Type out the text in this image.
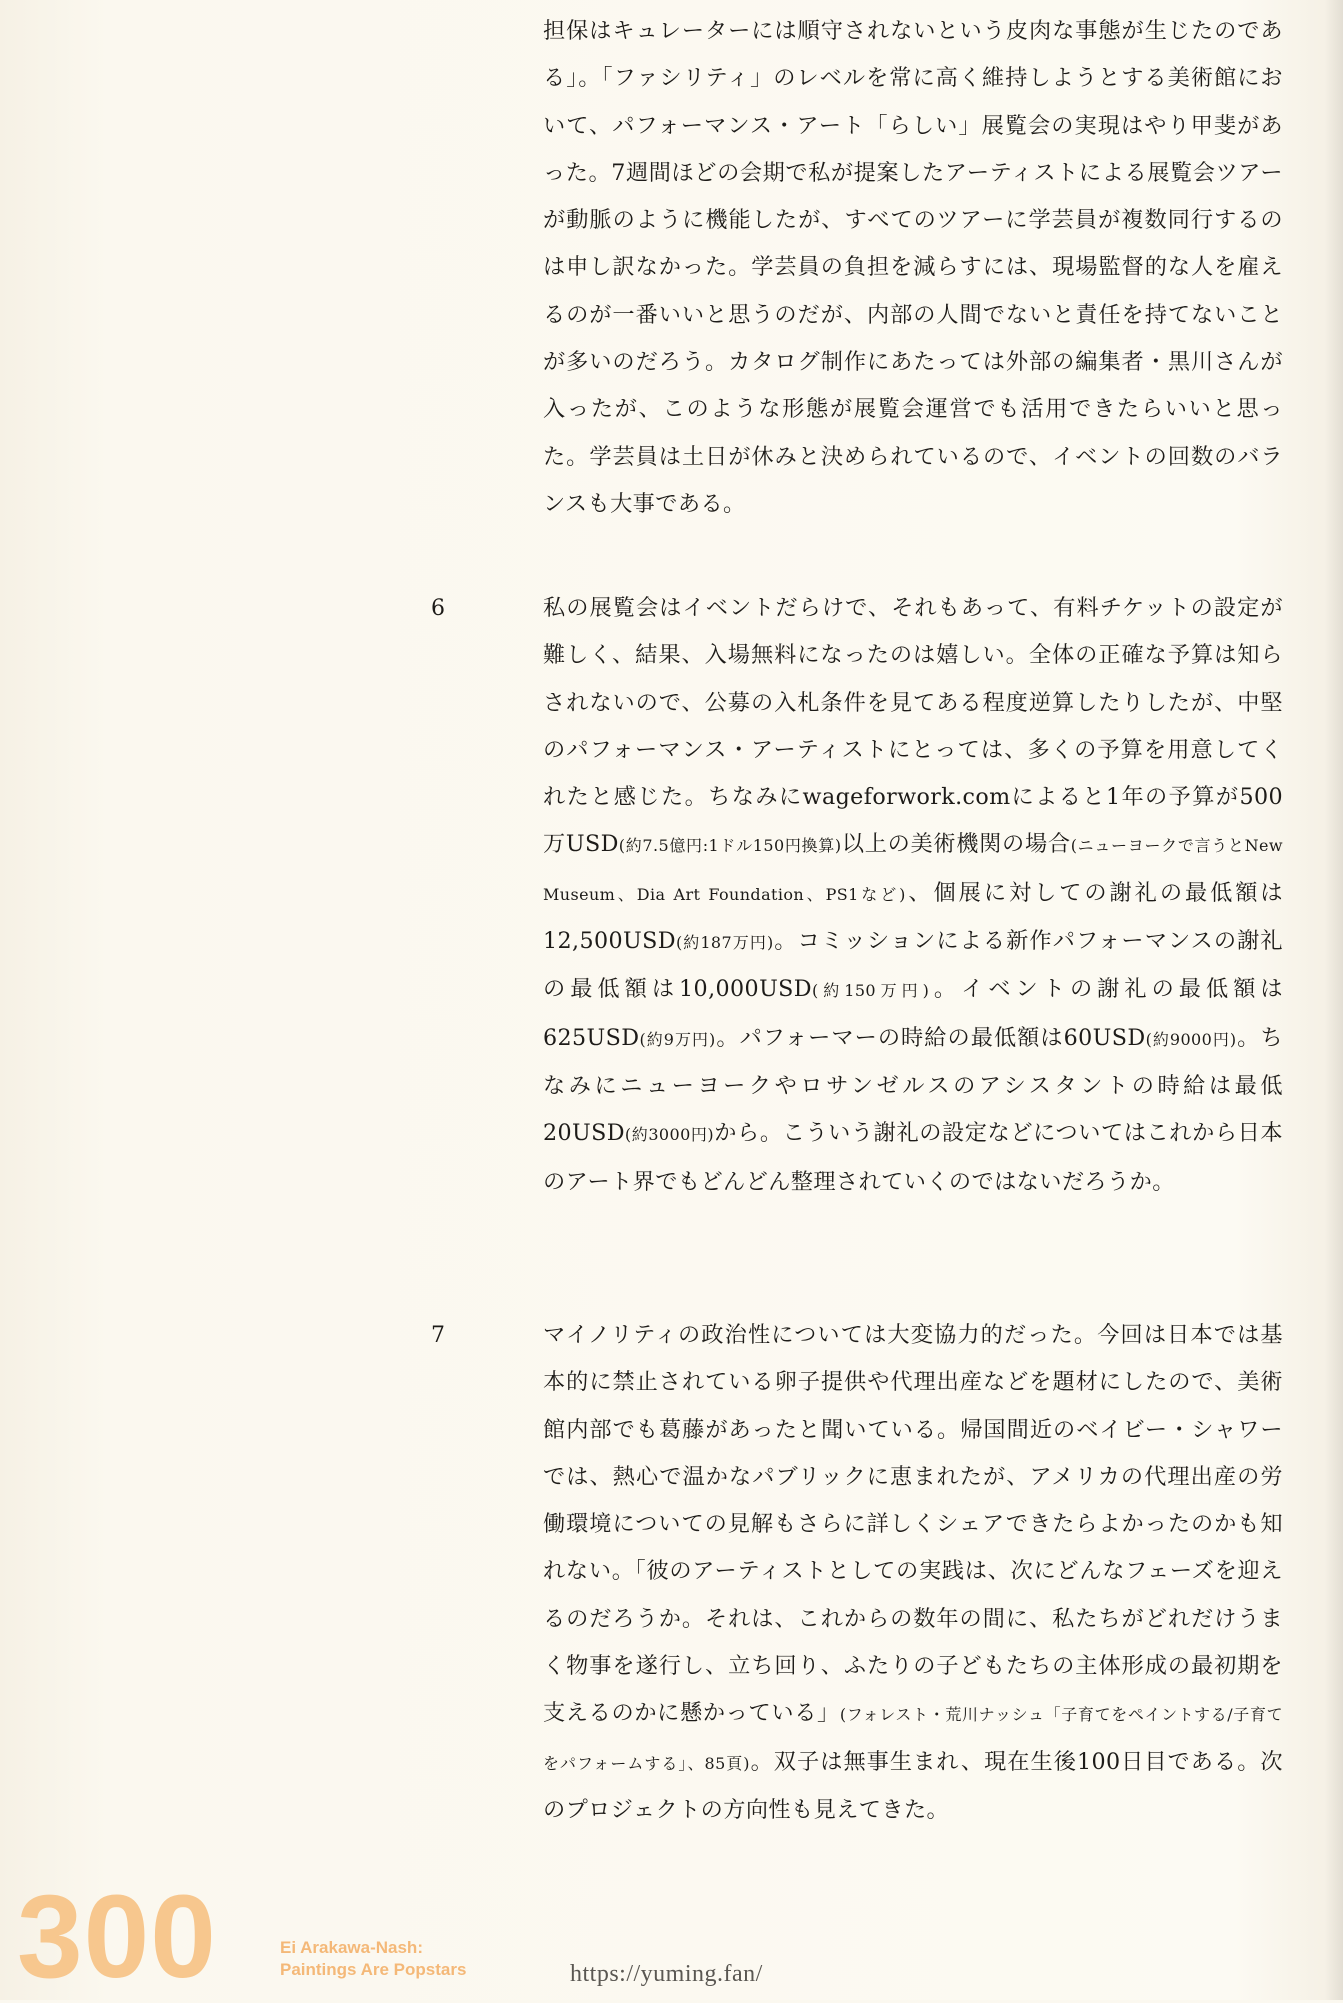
担保はキュレーターには順守されないという皮肉な事態が生じたのである」。「ファシリティ」のレベルを常に高く維持しようとする美術館において、パフォーマンス・アート「らしい」展覧会の実現はやり甲斐があった。7週間ほどの会期で私が提案したアーティストによる展覧会ツアーが動脈のように機能したが、すべてのツアーに学芸員が複数同行するのは申し訳なかった。学芸員の負担を減らすには、現場監督的な人を雇えるのが一番いいと思うのだが、内部の人間でないと責任を持てないことが多いのだろう。カタログ制作にあたっては外部の編集者・黒川さんが入ったが、このような形態が展覧会運営でも活用できたらいいと思った。学芸員は土日が休みと決められているので、イベントの回数のバランスも大事である。

6	私の展覧会はイベントだらけで、それもあって、有料チケットの設定が難しく、結果、入場無料になったのは嬉しい。全体の正確な予算は知らされないので、公募の入札条件を見てある程度逆算したりしたが、中堅のパフォーマンス・アーティストにとっては、多くの予算を用意してくれたと感じた。ちなみにwageforwork.comによると1年の予算が500万USD(約7.5億円:1ドル150円換算)以上の美術機関の場合(ニューヨークで言うとNew Museum、Dia Art Foundation、PS1など)、個展に対しての謝礼の最低額は12,500USD(約187万円)。コミッションによる新作パフォーマンスの謝礼の最低額は10,000USD(約150万円)。イベントの謝礼の最低額は625USD(約9万円)。パフォーマーの時給の最低額は60USD(約9000円)。ちなみにニューヨークやロサンゼルスのアシスタントの時給は最低20USD(約3000円)から。こういう謝礼の設定などについてはこれから日本のアート界でもどんどん整理されていくのではないだろうか。

7	マイノリティの政治性については大変協力的だった。今回は日本では基本的に禁止されている卵子提供や代理出産などを題材にしたので、美術館内部でも葛藤があったと聞いている。帰国間近のベイビー・シャワーでは、熱心で温かなパブリックに恵まれたが、アメリカの代理出産の労働環境についての見解もさらに詳しくシェアできたらよかったのかも知れない。「彼のアーティストとしての実践は、次にどんなフェーズを迎えるのだろうか。それは、これからの数年の間に、私たちがどれだけうまく物事を遂行し、立ち回り、ふたりの子どもたちの主体形成の最初期を支えるのかに懸かっている」(フォレスト・荒川ナッシュ「子育てをペイントする/子育てをパフォームする」、85頁)。双子は無事生まれ、現在生後100日目である。次のプロジェクトの方向性も見えてきた。

300	Ei Arakawa-Nash:
Paintings Are Popstars	https://yuming.fan/
